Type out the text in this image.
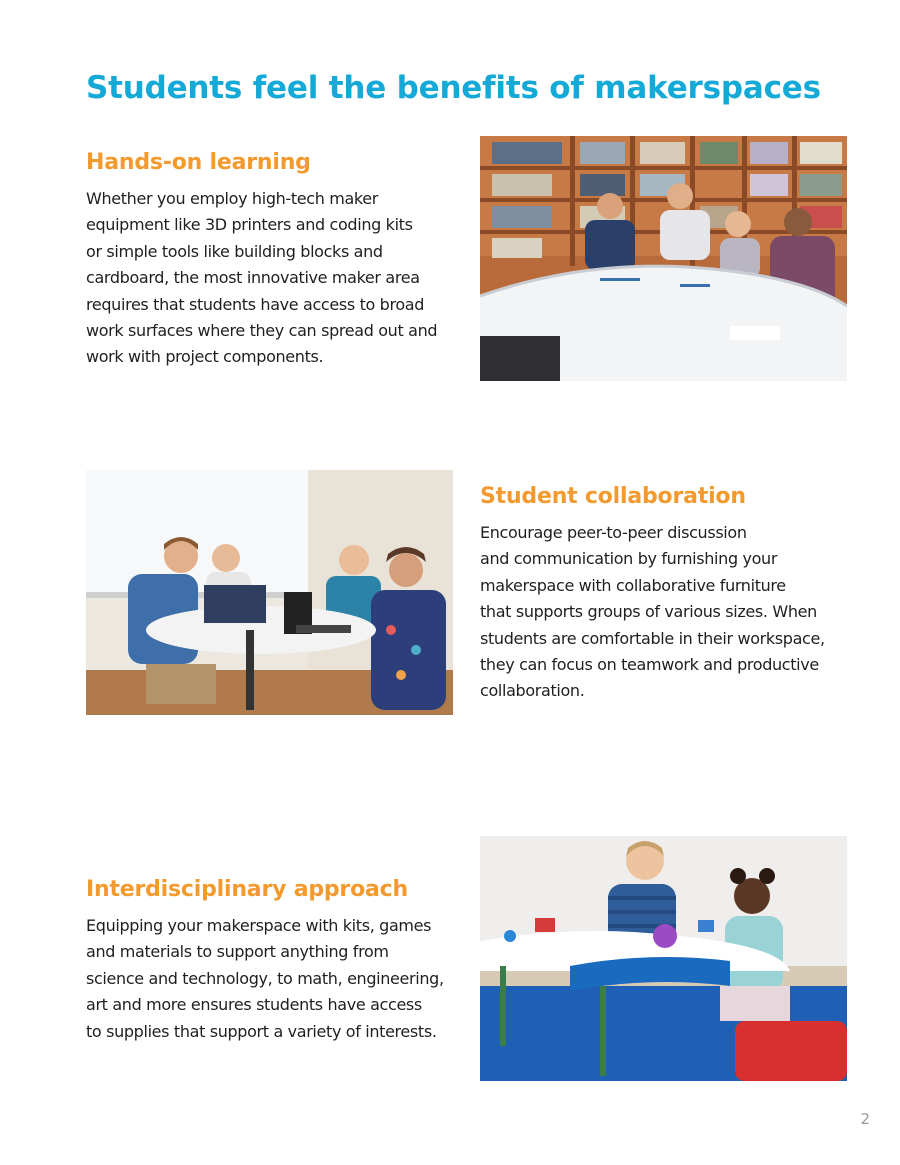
Students feel the benefits of makerspaces
Hands-on learning

Whether you employ high-tech maker
equipment like 3D printers and coding kits
or simple tools like building blocks and
cardboard, the most innovative maker area
requires that students have access to broad
work surfaces where they can spread out and
work with project components.

Student collaboration

Encourage peer-to-peer discussion
and communication by furnishing your
makerspace with collaborative furniture
that supports groups of various sizes. When
students are comfortable in their workspace,
they can focus on teamwork and productive
collaboration.

Interdisciplinary approach

Equipping your makerspace with kits, games
and materials to support anything from
science and technology, to math, engineering,
art and more ensures students have access
to supplies that support a variety of interests.

2
